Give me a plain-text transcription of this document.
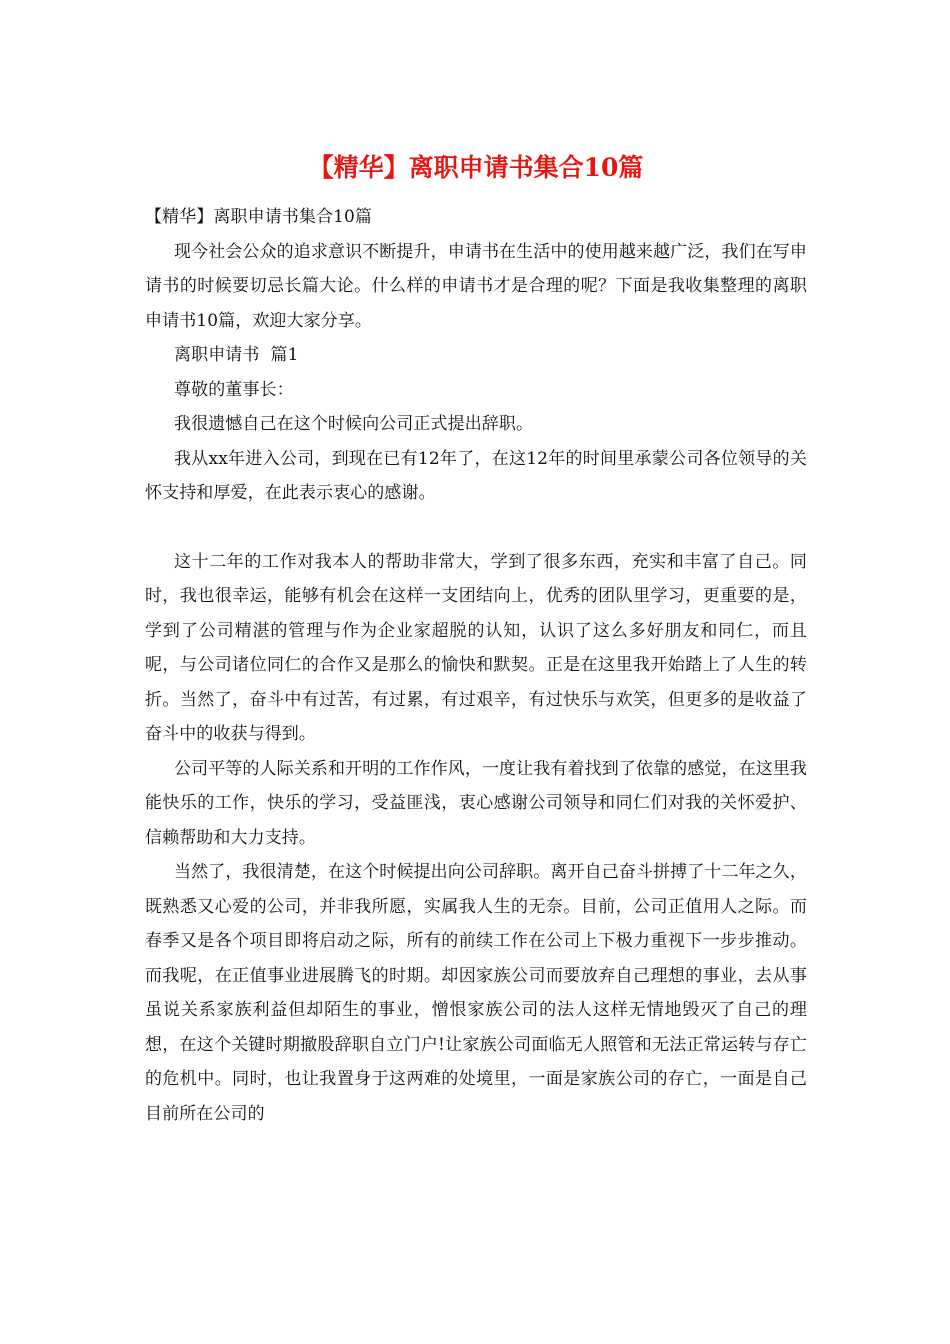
【精华】离职申请书集合10篇

【精华】离职申请书集合10篇

现今社会公众的追求意识不断提升，申请书在生活中的使用越来越广泛，我们在写申请书的时候要切忌长篇大论。什么样的申请书才是合理的呢？下面是我收集整理的离职申请书10篇，欢迎大家分享。

离职申请书  篇1

尊敬的董事长：

我很遗憾自己在这个时候向公司正式提出辞职。

我从xx年进入公司，到现在已有12年了，在这12年的时间里承蒙公司各位领导的关怀支持和厚爱，在此表示衷心的感谢。

这十二年的工作对我本人的帮助非常大，学到了很多东西，充实和丰富了自己。同时，我也很幸运，能够有机会在这样一支团结向上，优秀的团队里学习，更重要的是，学到了公司精湛的管理与作为企业家超脱的认知，认识了这么多好朋友和同仁，而且呢，与公司诸位同仁的合作又是那么的愉快和默契。正是在这里我开始踏上了人生的转折。当然了，奋斗中有过苦，有过累，有过艰辛，有过快乐与欢笑，但更多的是收益了奋斗中的收获与得到。

公司平等的人际关系和开明的工作作风，一度让我有着找到了依靠的感觉，在这里我能快乐的工作，快乐的学习，受益匪浅，衷心感谢公司领导和同仁们对我的关怀爱护、信赖帮助和大力支持。

当然了，我很清楚，在这个时候提出向公司辞职。离开自己奋斗拼搏了十二年之久，既熟悉又心爱的公司，并非我所愿，实属我人生的无奈。目前，公司正值用人之际。而春季又是各个项目即将启动之际，所有的前续工作在公司上下极力重视下一步步推动。而我呢，在正值事业进展腾飞的时期。却因家族公司而要放弃自己理想的事业，去从事虽说关系家族利益但却陌生的事业，憎恨家族公司的法人这样无情地毁灭了自己的理想，在这个关键时期撤股辞职自立门户!让家族公司面临无人照管和无法正常运转与存亡的危机中。同时，也让我置身于这两难的处境里，一面是家族公司的存亡，一面是自己目前所在公司的
